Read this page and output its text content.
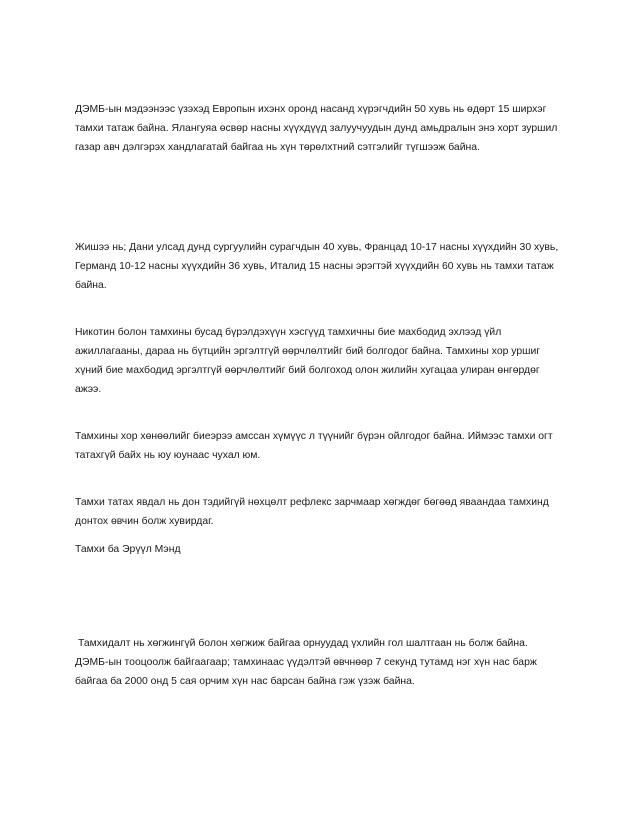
ДЭМБ-ын мэдээнээс үзэхэд Европын ихэнх оронд насанд хүрэгчдийн 50 хувь нь өдөрт 15 ширхэг
тамхи татаж байна. Ялангуяа өсвөр насны хүүхдүүд залуучуудын дунд амьдралын энэ хорт зуршил
газар авч дэлгэрэх хандлагатай байгаа нь хүн төрөлхтний сэтгэлийг түгшээж байна.

Жишээ нь; Дани улсад дунд сургуулийн сурагчдын 40 хувь, Францад 10-17 насны хүүхдийн 30 хувь,
Германд 10-12 насны хүүхдийн 36 хувь, Италид 15 насны эрэгтэй хүүхдийн 60 хувь нь тамхи татаж
байна.

Никотин болон тамхины бусад бүрэлдэхүүн хэсгүүд тамхичны бие махбодид эхлээд үйл
ажиллагааны, дараа нь бүтцийн эргэлтгүй өөрчлөлтийг бий болгодог байна. Тамхины хор уршиг
хүний бие махбодид эргэлтгүй өөрчлөлтийг бий болгоход олон жилийн хугацаа улиран өнгөрдөг
ажээ.

Тамхины хор хөнөөлийг биеэрээ амссан хүмүүс л түүнийг бүрэн ойлгодог байна. Иймээс тамхи огт
татахгүй байх нь юу юунаас чухал юм.

Тамхи татах явдал нь дон тэдийгүй нөхцөлт рефлекс зарчмаар хөгждөг бөгөөд яваандаа тамхинд
донтох өвчин болж хувирдаг.

Тамхи ба Эрүүл Мэнд

Тамхидалт нь хөгжингүй болон хөгжиж байгаа орнуудад үхлийн гол шалтгаан нь болж байна.
ДЭМБ-ын тооцоолж байгаагаар; тамхинаас үүдэлтэй өвчнөөр 7 секунд тутамд нэг хүн нас барж
байгаа ба 2000 онд 5 сая орчим хүн нас барсан байна гэж үзэж байна.
